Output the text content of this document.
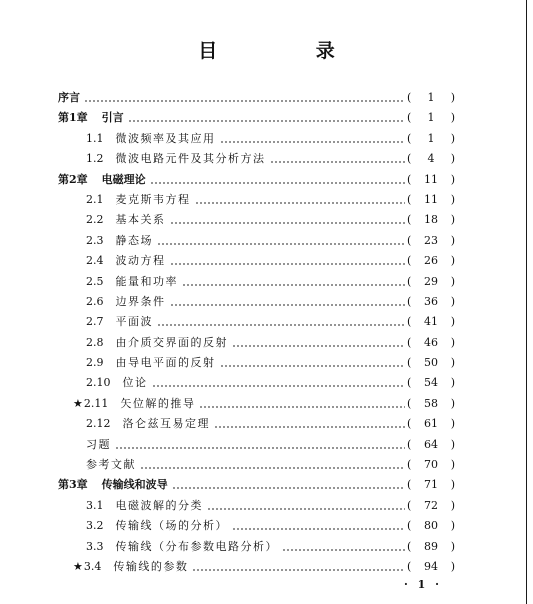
目 录
序言	( 1 )
第1章 引言	( 1 )
1.1 微波频率及其应用	( 1 )
1.2 微波电路元件及其分析方法	( 4 )
第2章 电磁理论	( 11 )
2.1 麦克斯韦方程	( 11 )
2.2 基本关系	( 18 )
2.3 静态场	( 23 )
2.4 波动方程	( 26 )
2.5 能量和功率	( 29 )
2.6 边界条件	( 36 )
2.7 平面波	( 41 )
2.8 由介质交界面的反射	( 46 )
2.9 由导电平面的反射	( 50 )
2.10 位论	( 54 )
★2.11 矢位解的推导	( 58 )
2.12 洛仑兹互易定理	( 61 )
习题	( 64 )
参考文献	( 70 )
第3章 传输线和波导	( 71 )
3.1 电磁波解的分类	( 72 )
3.2 传输线（场的分析）	( 80 )
3.3 传输线（分布参数电路分析）	( 89 )
★3.4 传输线的参数	( 94 )
· 1 ·
